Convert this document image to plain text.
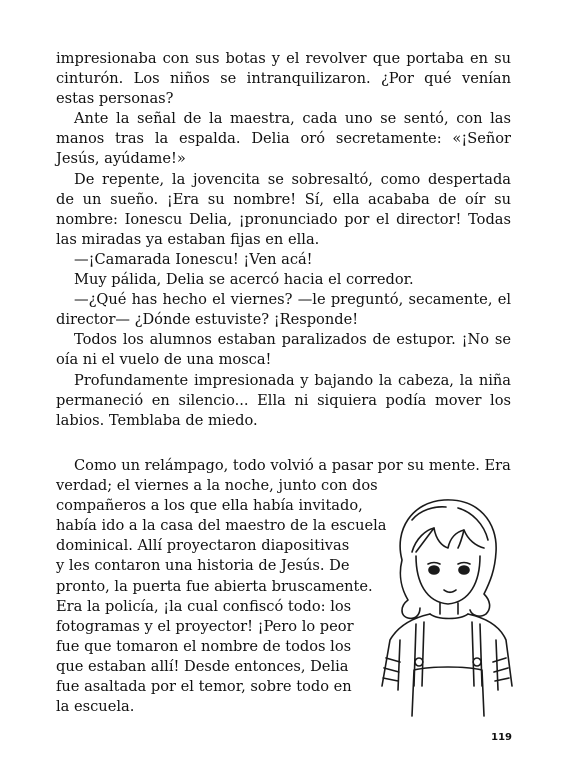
impresionaba con sus botas y el revolver que portaba en su cinturón. Los niños se intranquilizaron. ¿Por qué venían estas personas?

Ante la señal de la maestra, cada uno se sentó, con las manos tras la espalda. Delia oró secretamente: «¡Señor Jesús, ayúdame!»

De repente, la jovencita se sobresaltó, como despertada de un sueño. ¡Era su nombre! Sí, ella acababa de oír su nombre: Ionescu Delia, ¡pronunciado por el director! Todas las miradas ya estaban fijas en ella.

—¡Camarada Ionescu! ¡Ven acá!

Muy pálida, Delia se acercó hacia el corredor.

—¿Qué has hecho el viernes? —le preguntó, secamente, el director— ¿Dónde estuviste? ¡Responde!

Todos los alumnos estaban paralizados de estupor. ¡No se oía ni el vuelo de una mosca!

Profundamente impresionada y bajando la cabeza, la niña permaneció en silencio... Ella ni siquiera podía mover los labios. Temblaba de miedo.

Como un relámpago, todo volvió a pasar por su mente. Era
verdad; el viernes a la noche, junto con dos
compañeros a los que ella había invitado,
había ido a la casa del maestro de la escuela
dominical. Allí proyectaron diapositivas
y les contaron una historia de Jesús. De
pronto, la puerta fue abierta bruscamente.
Era la policía, ¡la cual confiscó todo: los
fotogramas y el proyector! ¡Pero lo peor
fue que tomaron el nombre de todos los
que estaban allí! Desde entonces, Delia
fue asaltada por el temor, sobre todo en
la escuela.
119
